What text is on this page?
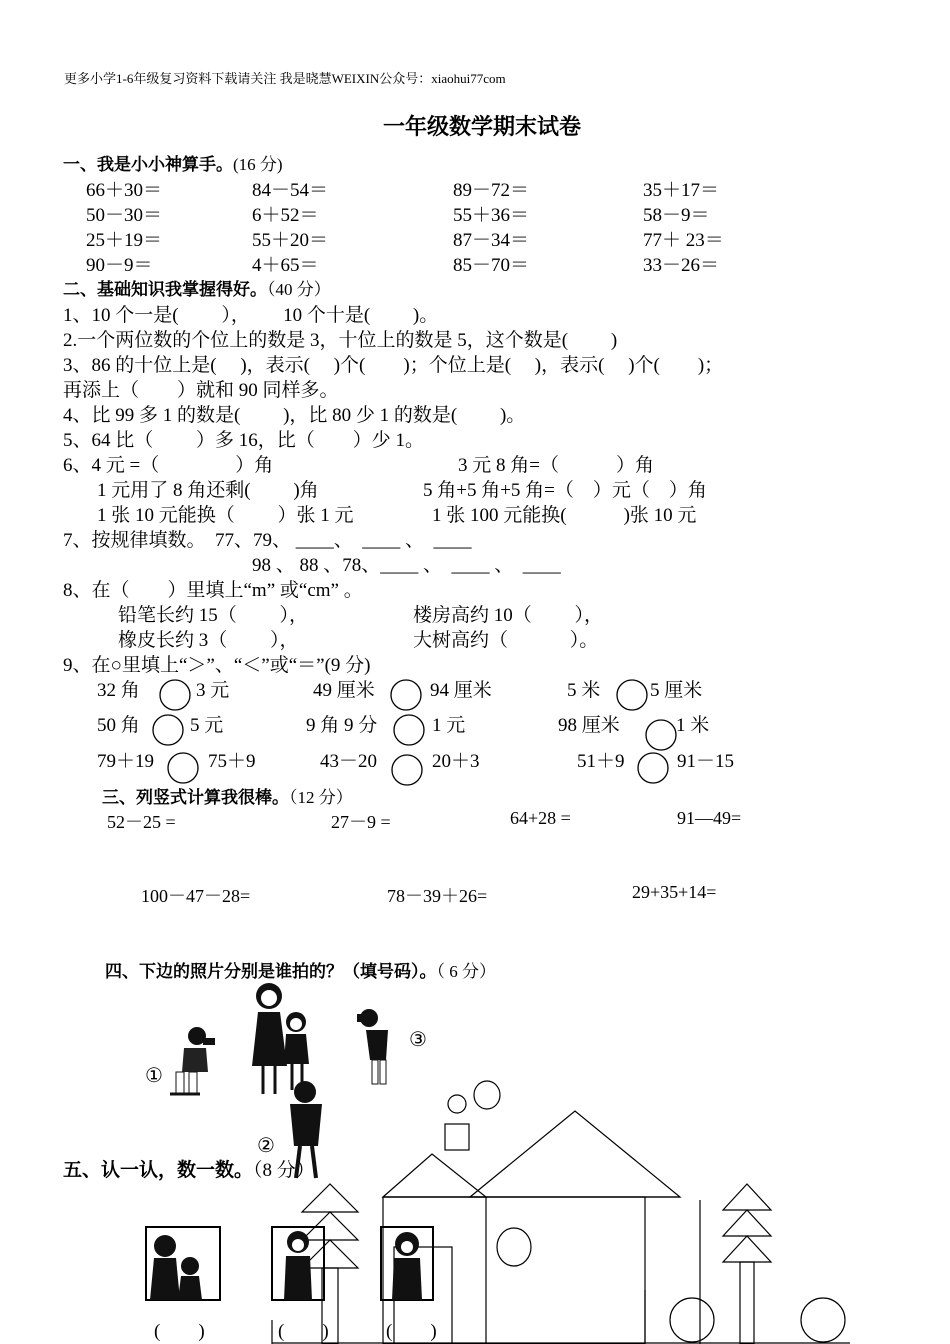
更多小学1-6年级复习资料下载请关注 我是晓慧WEIXIN公众号：xiaohui77com
一年级数学期末试卷
一、我是小小神算手。(16 分)
66＋30＝	84－54＝	89－72＝	35＋17＝
50－30＝	6＋52＝	55＋36＝	58－9＝
25＋19＝	55＋20＝	87－34＝	77＋ 23＝
90－9＝	4＋65＝	85－70＝	33－26＝
二、基础知识我掌握得好。（40 分）
1、10 个一是(　　 ），　　 10 个十是(　　 )。
2.一个两位数的个位上的数是 3，十位上的数是 5，这个数是(　　 )
3、86 的十位上是(　 )，表示(　 )个(　　)；个位上是(　 )，表示(　 )个(　　)；
再添上（　　）就和 90 同样多。
4、比 99 多 1 的数是(　　 )，比 80 少 1 的数是(　　 )。
5、64 比（　　 ）多 16，比（　　）少 1。
6、4 元 =（　　　　）角	3 元 8 角=（　　　）角
1 元用了 8 角还剩(　　 )角	5 角+5 角+5 角=（　）元（　）角
1 张 10 元能换（　　 ）张 1 元	1 张 100 元能换(　　　)张 10 元
7、按规律填数。　77、79、 ____、　____ 、　____
98 、 88 、78、____ 、　____ 、　____
8、在（　　）里填上“m” 或“cm” 。
铅笔长约 15（　　 ），	楼房高约 10（　　 ），
橡皮长约 3（　　 ），	大树高约（　　　 ）。
9、在○里填上“＞”、“＜”或“＝”(9 分)
32 角	3 元	49 厘米	94 厘米	5 米	5 厘米
50 角	5 元	9 角 9 分	1 元	98 厘米	1 米
79＋19	75＋9	43－20	20＋3	51＋9	91－15
三、列竖式计算我很棒。（12 分）
52－25 =	27－9 =	64+28 =	91—49=
100－47－28=	78－39＋26=	29+35+14=
四、下边的照片分别是谁拍的？（填号码）。（ 6 分）
①
②
③
五、认一认，数一数。（8 分）
(　　)	(　　)	(　　)
